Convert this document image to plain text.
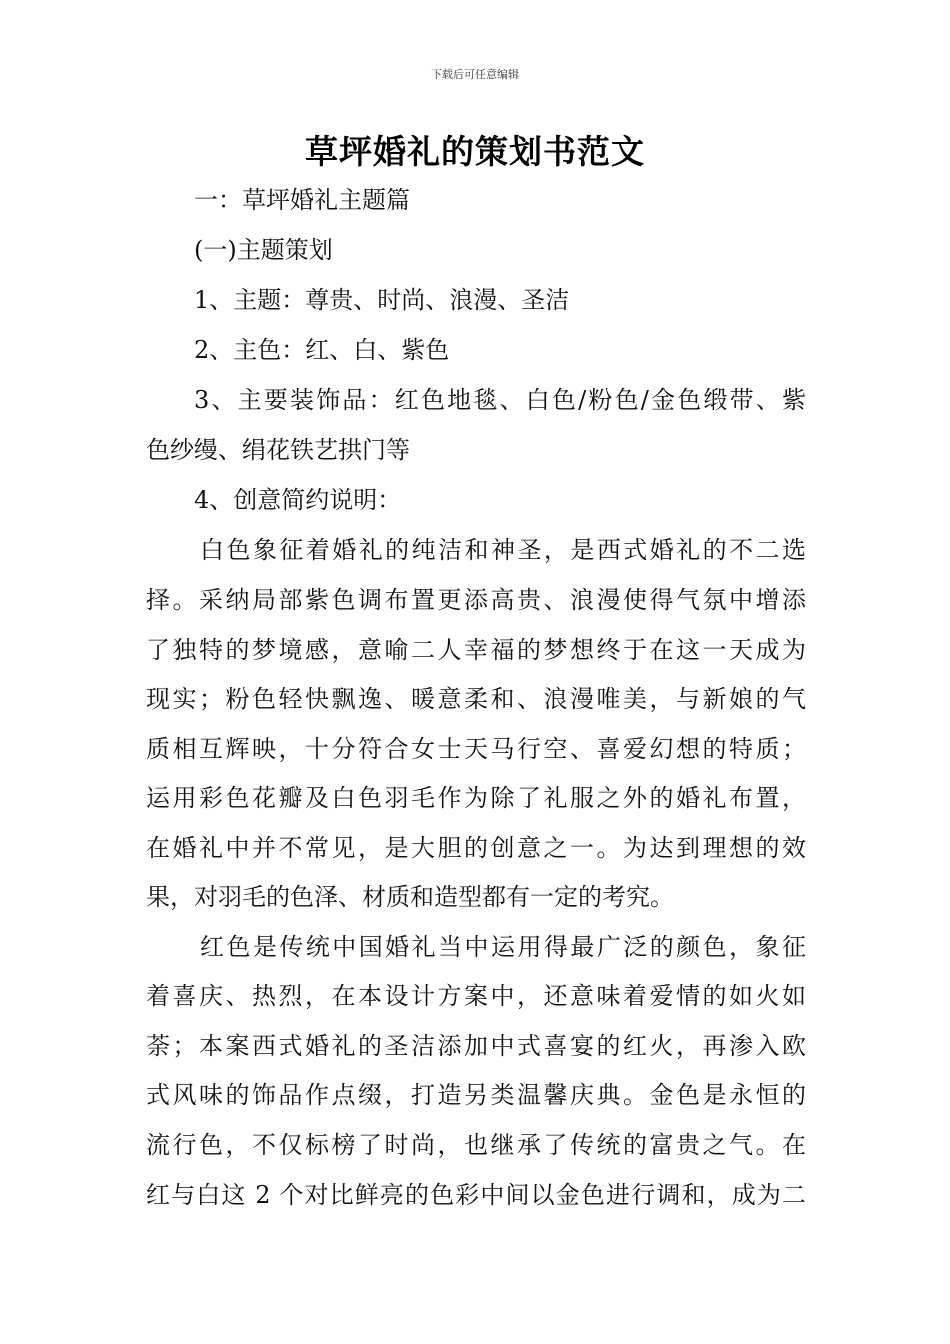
下载后可任意编辑
草坪婚礼的策划书范文
一：草坪婚礼主题篇
(一)主题策划
1、主题：尊贵、时尚、浪漫、圣洁
2、主色：红、白、紫色
3、主要装饰品：红色地毯、白色/粉色/金色缎带、紫
色纱缦、绢花铁艺拱门等
4、创意简约说明：
白色象征着婚礼的纯洁和神圣，是西式婚礼的不二选
择。采纳局部紫色调布置更添高贵、浪漫使得气氛中增添
了独特的梦境感，意喻二人幸福的梦想终于在这一天成为
现实；粉色轻快飘逸、暖意柔和、浪漫唯美，与新娘的气
质相互辉映，十分符合女士天马行空、喜爱幻想的特质；
运用彩色花瓣及白色羽毛作为除了礼服之外的婚礼布置，
在婚礼中并不常见，是大胆的创意之一。为达到理想的效
果，对羽毛的色泽、材质和造型都有一定的考究。
红色是传统中国婚礼当中运用得最广泛的颜色，象征
着喜庆、热烈，在本设计方案中，还意味着爱情的如火如
荼；本案西式婚礼的圣洁添加中式喜宴的红火，再渗入欧
式风味的饰品作点缀，打造另类温馨庆典。金色是永恒的
流行色，不仅标榜了时尚，也继承了传统的富贵之气。在
红与白这 2 个对比鲜亮的色彩中间以金色进行调和，成为二
